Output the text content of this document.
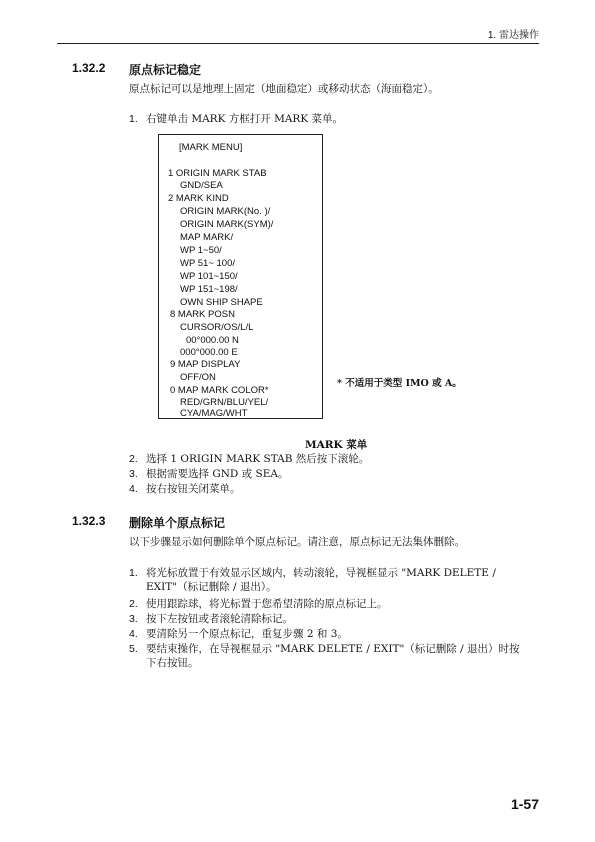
1. 雷达操作
1.32.2 原点标记稳定
原点标记可以是地理上固定（地面稳定）或移动状态（海面稳定）。
1. 右键单击 MARK 方框打开 MARK 菜单。
[MARK MENU]
1 ORIGIN MARK STAB
GND/SEA
2 MARK KIND
ORIGIN MARK(No. )/
ORIGIN MARK(SYM)/
MAP MARK/
WP 1~50/
WP 51~ 100/
WP 101~150/
WP 151~198/
OWN SHIP SHAPE
8 MARK POSN
CURSOR/OS/L/L
00°000.00 N
000°000.00 E
9 MAP DISPLAY
OFF/ON
0 MAP MARK COLOR*
RED/GRN/BLU/YEL/
CYA/MAG/WHT
* 不适用于类型 IMO 或 A。
MARK 菜单
2. 选择 1 ORIGIN MARK STAB 然后按下滚轮。
3. 根据需要选择 GND 或 SEA。
4. 按右按钮关闭菜单。
1.32.3 删除单个原点标记
以下步骤显示如何删除单个原点标记。请注意，原点标记无法集体删除。
1. 将光标放置于有效显示区域内，转动滚轮，导视框显示 "MARK DELETE /
EXIT"（标记删除 / 退出）。
2. 使用跟踪球，将光标置于您希望清除的原点标记上。
3. 按下左按钮或者滚轮清除标记。
4. 要清除另一个原点标记，重复步骤 2 和 3。
5. 要结束操作，在导视框显示 "MARK DELETE / EXIT"（标记删除 / 退出）时按
下右按钮。
1-57
